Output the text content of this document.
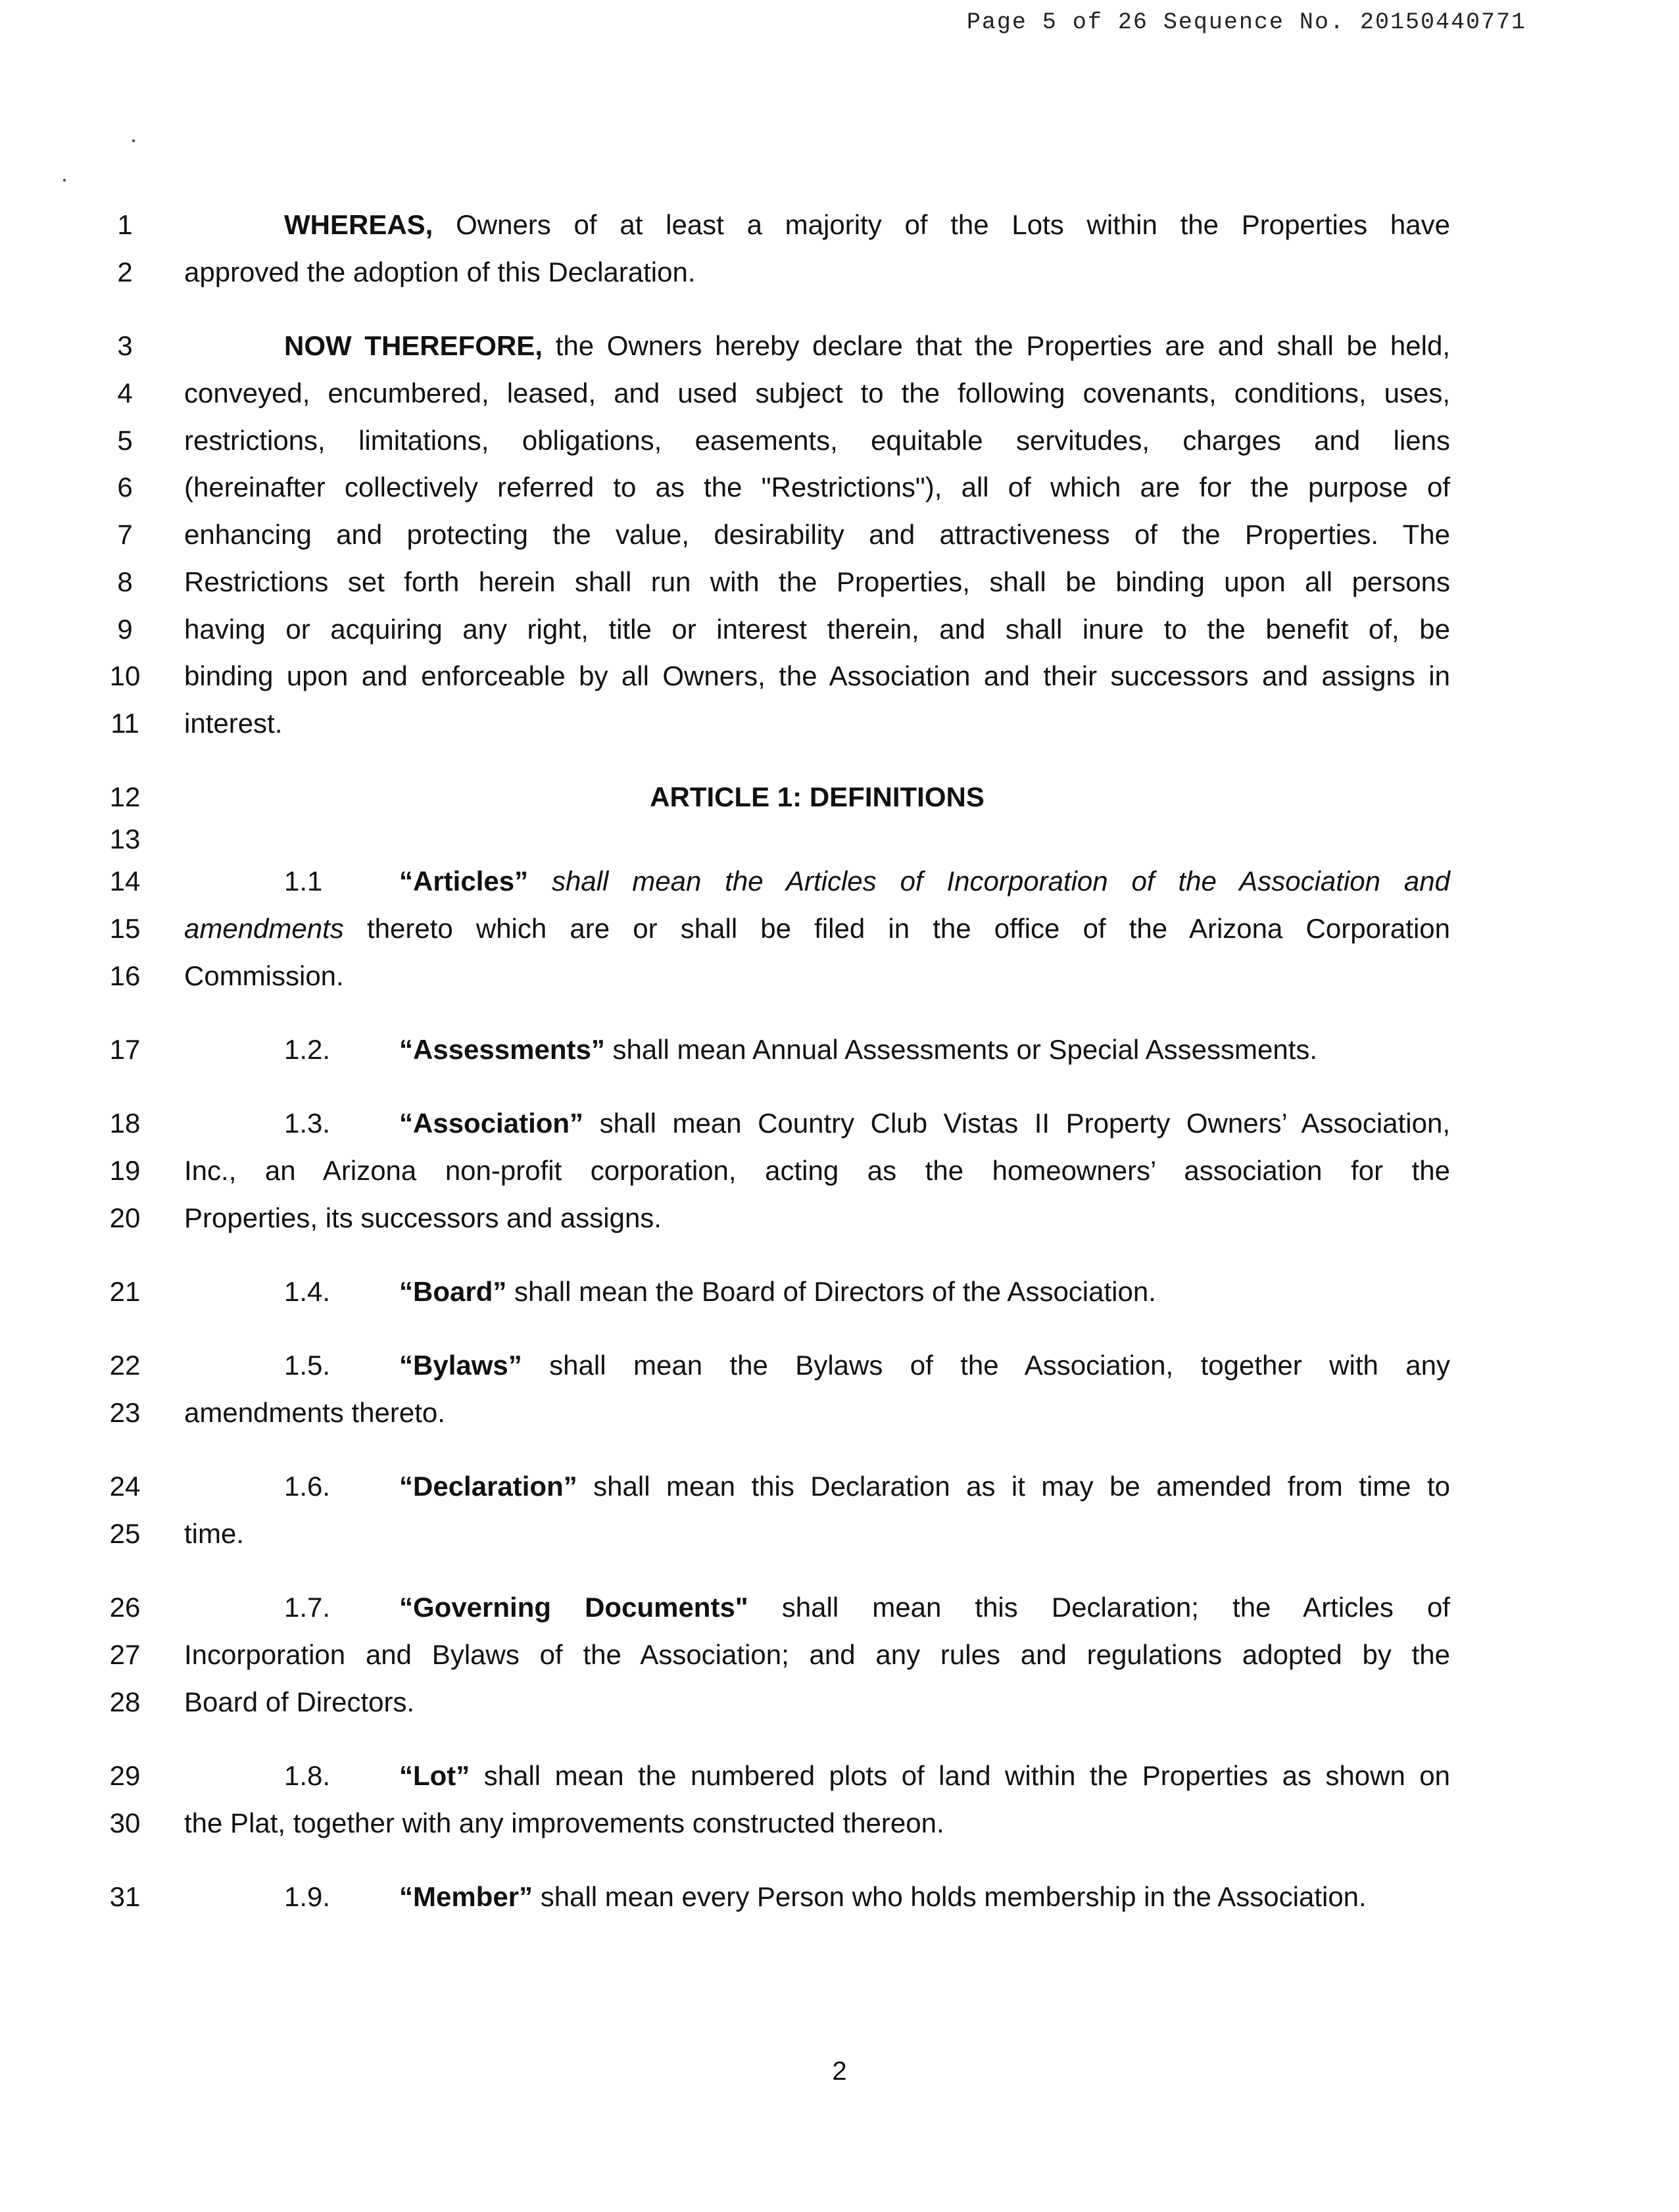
Page 5 of 26 Sequence No. 20150440771
1	WHEREAS, Owners of at least a majority of the Lots within the Properties have
2	approved the adoption of this Declaration.
3	NOW THEREFORE, the Owners hereby declare that the Properties are and shall be held,
4	conveyed, encumbered, leased, and used subject to the following covenants, conditions, uses,
5	restrictions, limitations, obligations, easements, equitable servitudes, charges and liens
6	(hereinafter collectively referred to as the "Restrictions"), all of which are for the purpose of
7	enhancing and protecting the value, desirability and attractiveness of the Properties. The
8	Restrictions set forth herein shall run with the Properties, shall be binding upon all persons
9	having or acquiring any right, title or interest therein, and shall inure to the benefit of, be
10 binding upon and enforceable by all Owners, the Association and their successors and assigns in
11 interest.
12	ARTICLE 1: DEFINITIONS
13
14	1.1	“Articles” shall mean the Articles of Incorporation of the Association and
15 amendments thereto which are or shall be filed in the office of the Arizona Corporation
16 Commission.
17	1.2. “Assessments” shall mean Annual Assessments or Special Assessments.
18	1.3. “Association” shall mean Country Club Vistas II Property Owners’ Association,
19 Inc., an Arizona non-profit corporation, acting as the homeowners’ association for the
20 Properties, its successors and assigns.
21	1.4. “Board” shall mean the Board of Directors of the Association.
22	1.5. “Bylaws” shall mean the Bylaws of the Association, together with any
23 amendments thereto.
24	1.6. “Declaration” shall mean this Declaration as it may be amended from time to
25 time.
26	1.7. “Governing Documents" shall mean this Declaration; the Articles of
27 Incorporation and Bylaws of the Association; and any rules and regulations adopted by the
28 Board of Directors.
29	1.8. “Lot” shall mean the numbered plots of land within the Properties as shown on
30 the Plat, together with any improvements constructed thereon.
31	1.9. “Member” shall mean every Person who holds membership in the Association.
2
